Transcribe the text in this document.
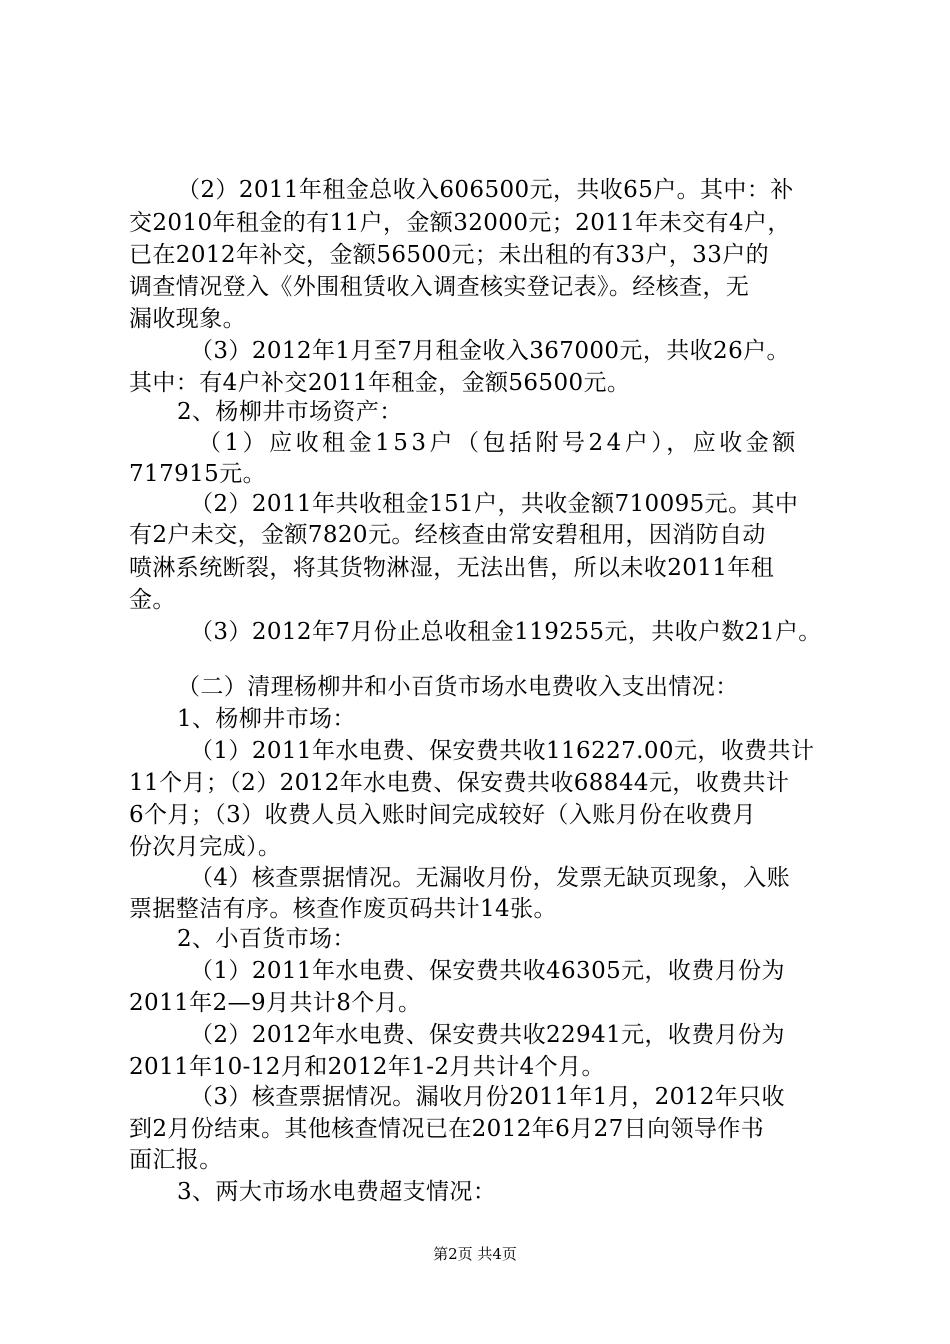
（2）2011年租金总收入606500元，共收65户。其中：补
交2010年租金的有11户，金额32000元；2011年未交有4户，
已在2012年补交，金额56500元；未出租的有33户，33户的
调查情况登入《外围租赁收入调查核实登记表》。经核查，无
漏收现象。
（3）2012年1月至7月租金收入367000元，共收26户。
其中：有4户补交2011年租金，金额56500元。
2、杨柳井市场资产：
（1）应收租金153户（包括附号24户），应收金额
717915元。
（2）2011年共收租金151户，共收金额710095元。其中
有2户未交，金额7820元。经核查由常安碧租用，因消防自动
喷淋系统断裂，将其货物淋湿，无法出售，所以未收2011年租
金。
（3）2012年7月份止总收租金119255元，共收户数21户。
（二）清理杨柳井和小百货市场水电费收入支出情况：
1、杨柳井市场：
（1）2011年水电费、保安费共收116227.00元，收费共计
11个月；（2）2012年水电费、保安费共收68844元，收费共计
6个月；（3）收费人员入账时间完成较好（入账月份在收费月
份次月完成）。
（4）核查票据情况。无漏收月份，发票无缺页现象，入账
票据整洁有序。核查作废页码共计14张。
2、小百货市场：
（1）2011年水电费、保安费共收46305元，收费月份为
2011年2—9月共计8个月。
（2）2012年水电费、保安费共收22941元，收费月份为
2011年10-12月和2012年1-2月共计4个月。
（3）核查票据情况。漏收月份2011年1月，2012年只收
到2月份结束。其他核查情况已在2012年6月27日向领导作书
面汇报。
3、两大市场水电费超支情况：
第2页 共4页
